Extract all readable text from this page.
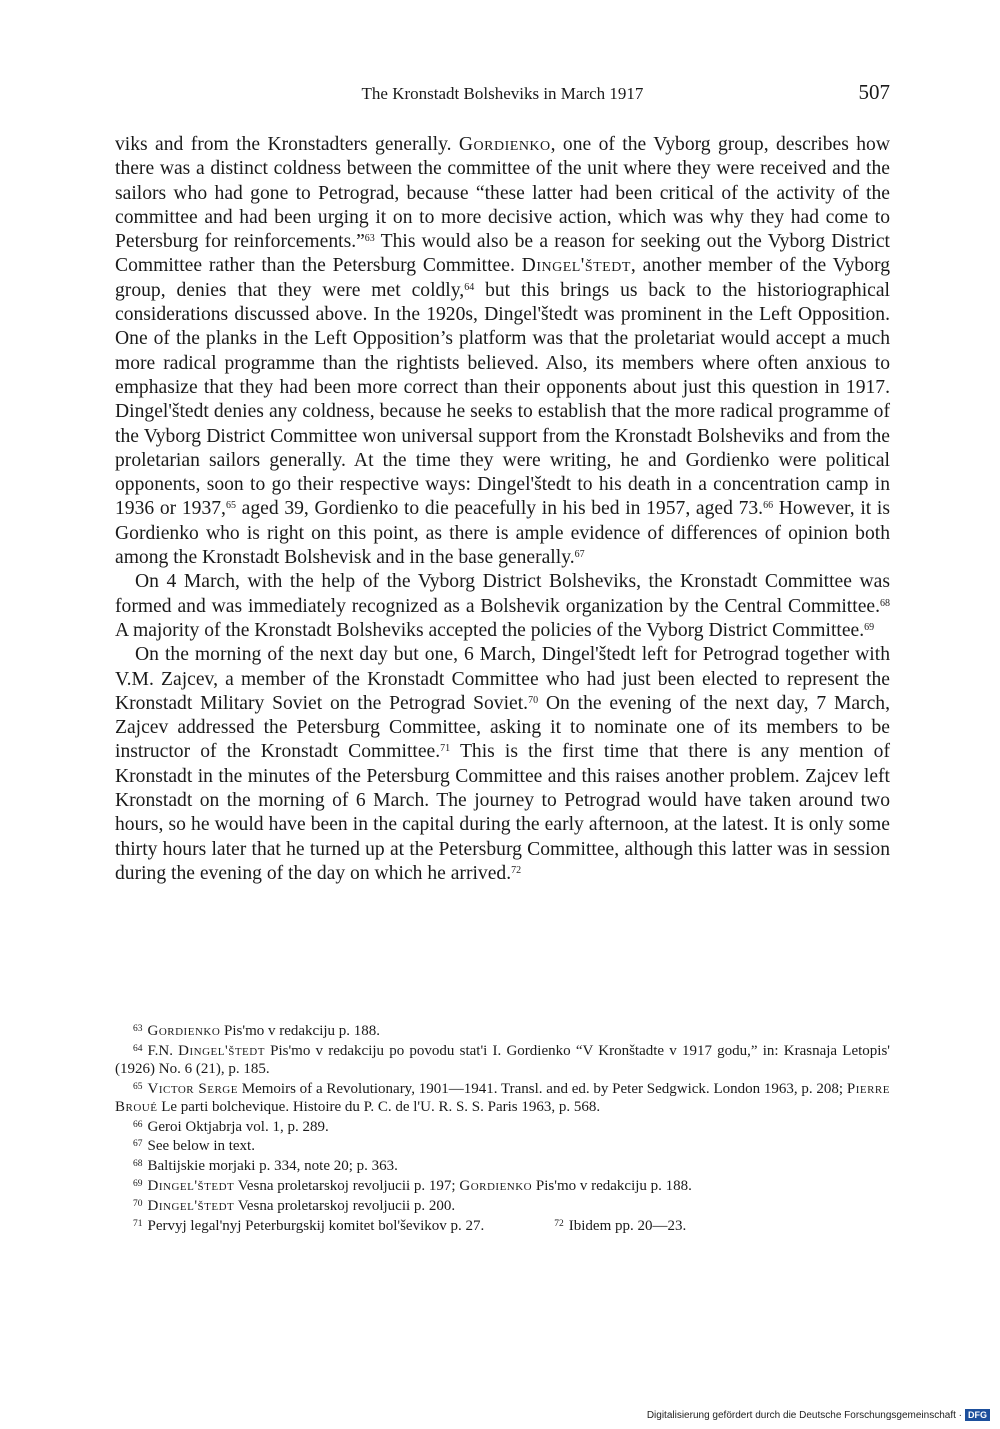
The Kronstadt Bolsheviks in March 1917	507

viks and from the Kronstadters generally. Gordienko, one of the Vyborg group, describes how there was a distinct coldness between the committee of the unit where they were received and the sailors who had gone to Petrograd, because “these latter had been critical of the activity of the committee and had been urging it on to more decisive action, which was why they had come to Petersburg for reinforcements.”$^{63}$ This would also be a reason for seeking out the Vyborg District Committee rather than the Petersburg Committee. Dingel'štedt, another member of the Vyborg group, denies that they were met coldly,$^{64}$ but this brings us back to the historiographical considerations discussed above. In the 1920s, Dingel'štedt was prominent in the Left Opposition. One of the planks in the Left Opposition’s platform was that the proletariat would accept a much more radical programme than the rightists believed. Also, its members where often anxious to emphasize that they had been more correct than their opponents about just this question in 1917. Dingel'štedt denies any coldness, because he seeks to establish that the more radical programme of the Vyborg District Committee won universal support from the Kronstadt Bolsheviks and from the proletarian sailors generally. At the time they were writing, he and Gordienko were political opponents, soon to go their respective ways: Dingel'štedt to his death in a concentration camp in 1936 or 1937,65 aged 39, Gordienko to die peacefully in his bed in 1957, aged 73.66 However, it is Gordienko who is right on this point, as there is ample evidence of differences of opinion both among the Kronstadt Bolshevisk and in the base generally.$^{67}$

On 4 March, with the help of the Vyborg District Bolsheviks, the Kronstadt Committee was formed and was immediately recognized as a Bolshevik organization by the Central Committee.$^{68}$ A majority of the Kronstadt Bolsheviks accepted the policies of the Vyborg District Committee.$^{69}$

On the morning of the next day but one, 6 March, Dingel'štedt left for Petrograd together with V.M. Zajcev, a member of the Kronstadt Committee who had just been elected to represent the Kronstadt Military Soviet on the Petrograd Soviet.$^{70}$ On the evening of the next day, 7 March, Zajcev addressed the Petersburg Committee, asking it to nominate one of its members to be instructor of the Kronstadt Committee.$^{71}$ This is the first time that there is any mention of Kronstadt in the minutes of the Petersburg Committee and this raises another problem. Zajcev left Kronstadt on the morning of 6 March. The journey to Petrograd would have taken around two hours, so he would have been in the capital during the early afternoon, at the latest. It is only some thirty hours later that he turned up at the Petersburg Committee, although this latter was in session during the evening of the day on which he arrived.$^{72}$

$^{63}$ Gordienko Pis'mo v redakciju p. 188.

$^{64}$ F.N. Dingel'štedt Pis'mo v redakciju po povodu stat'i I. Gordienko “V Kronštadte v 1917 godu,” in: Krasnaja Letopis' (1926) No. 6 (21), p. 185.

$^{65}$ Victor Serge Memoirs of a Revolutionary, 1901—1941. Transl. and ed. by Peter Sedgwick. London 1963, p. 208; Pierre Broué Le parti bolchevique. Histoire du P. C. de l'U. R. S. S. Paris 1963, p. 568.

$^{66}$ Geroi Oktjabrja vol. 1, p. 289.

$^{67}$ See below in text.

$^{68}$ Baltijskie morjaki p. 334, note 20; p. 363.

$^{69}$ Dingel'štedt Vesna proletarskoj revoljucii p. 197; Gordienko Pis'mo v redakciju p. 188.

$^{70}$ Dingel'štedt Vesna proletarskoj revoljucii p. 200.

$^{71}$ Pervyj legal'nyj Peterburgskij komitet bol'ševikov p. 27.	$^{72}$ Ibidem pp. 20—23.

Digitalisierung gefördert durch die Deutsche Forschungsgemeinschaft · DFG
